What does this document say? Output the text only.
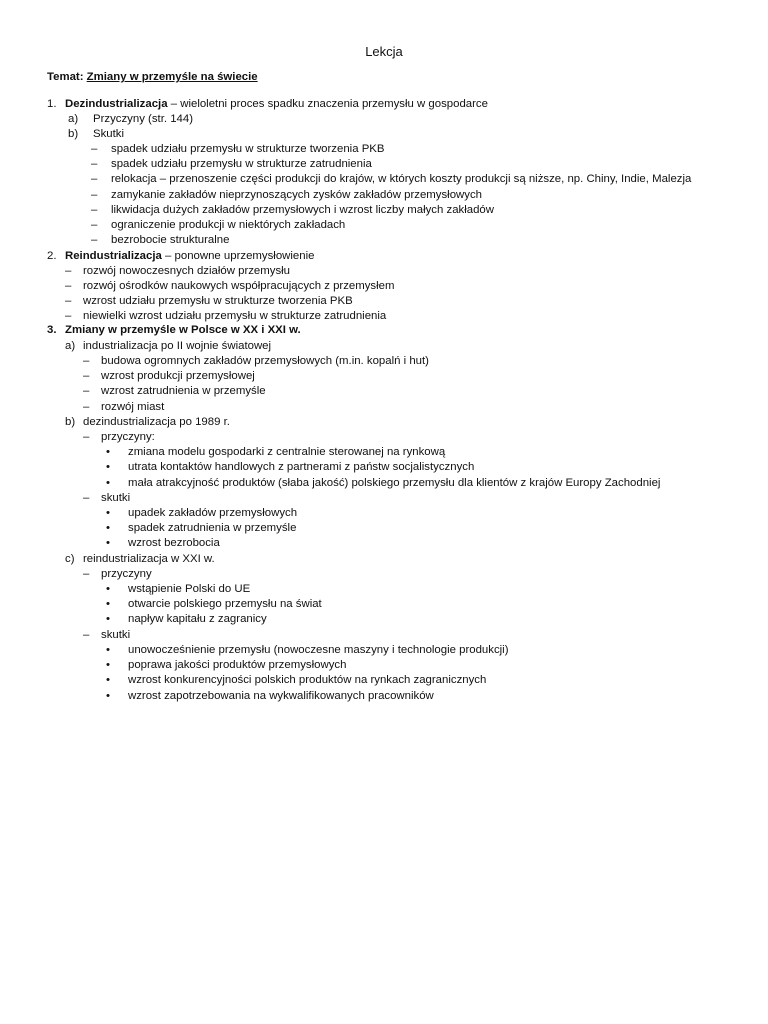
Lekcja
Temat: Zmiany w przemyśle na świecie
1. Dezindustrializacja – wieloletni proces spadku znaczenia przemysłu w gospodarce
a) Przyczyny (str. 144)
b) Skutki
– spadek udziału przemysłu w strukturze tworzenia PKB
– spadek udziału przemysłu w strukturze zatrudnienia
– relokacja – przenoszenie części produkcji do krajów, w których koszty produkcji są niższe, np. Chiny, Indie, Malezja
– zamykanie zakładów nieprzynoszących zysków zakładów przemysłowych
– likwidacja dużych zakładów przemysłowych i wzrost liczby małych zakładów
– ograniczenie produkcji w niektórych zakładach
– bezrobocie strukturalne
2. Reindustrializacja – ponowne uprzemysłowienie
– rozwój nowoczesnych działów przemysłu
– rozwój ośrodków naukowych współpracujących z przemysłem
– wzrost udziału przemysłu w strukturze tworzenia PKB
– niewielki wzrost udziału przemysłu w strukturze zatrudnienia
3. Zmiany w przemyśle w Polsce w XX i XXI w.
a) industrializacja po II wojnie światowej
– budowa ogromnych zakładów przemysłowych (m.in. kopalń i hut)
– wzrost produkcji przemysłowej
– wzrost zatrudnienia w przemyśle
– rozwój miast
b) dezindustrializacja po 1989 r.
– przyczyny:
• zmiana modelu gospodarki z centralnie sterowanej na rynkową
• utrata kontaktów handlowych z partnerami z państw socjalistycznych
• mała atrakcyjność produktów (słaba jakość) polskiego przemysłu dla klientów z krajów Europy Zachodniej
– skutki
• upadek zakładów przemysłowych
• spadek zatrudnienia w przemyśle
• wzrost bezrobocia
c) reindustrializacja w XXI w.
– przyczyny
• wstąpienie Polski do UE
• otwarcie polskiego przemysłu na świat
• napływ kapitału z zagranicy
– skutki
• unowocześnienie przemysłu (nowoczesne maszyny i technologie produkcji)
• poprawa jakości produktów przemysłowych
• wzrost konkurencyjności polskich produktów na rynkach zagranicznych
• wzrost zapotrzebowania na wykwalifikowanych pracowników
